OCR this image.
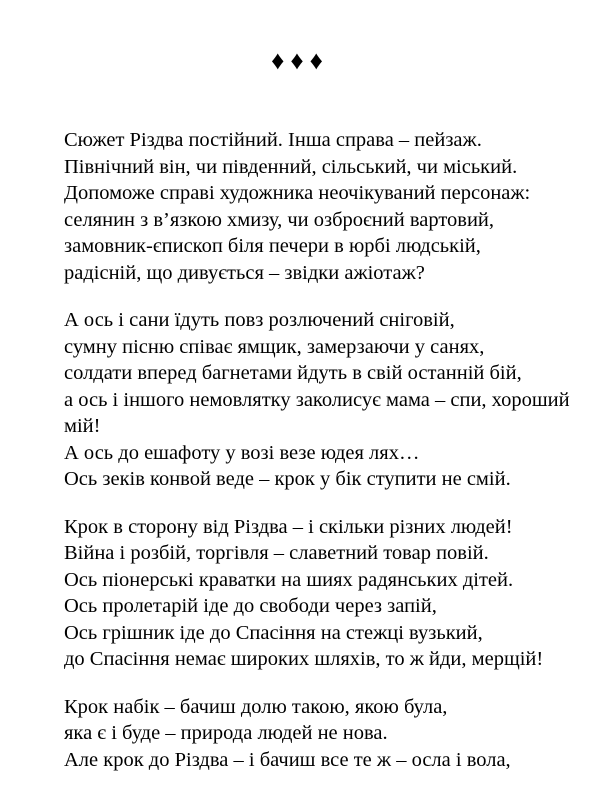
♦♦♦
Сюжет Різдва постійний. Інша справа – пейзаж.
Північний він, чи південний, сільський, чи міський.
Допоможе справі художника неочікуваний персонаж:
селянин з в’язкою хмизу, чи озброєний вартовий,
замовник-єпископ біля печери в юрбі людській,
радісній, що дивується – звідки ажіотаж?
А ось і сани їдуть повз розлючений сніговій,
сумну пісню співає ямщик, замерзаючи у санях,
солдати вперед багнетами йдуть в свій останній бій,
а ось і іншого немовлятку заколисує мама – спи, хороший
мій!
А ось до ешафоту у возі везе юдея лях…
Ось зеків конвой веде – крок у бік ступити не смій.
Крок в сторону від Різдва – і скільки різних людей!
Війна і розбій, торгівля – славетний товар повій.
Ось піонерські краватки на шиях радянських дітей.
Ось пролетарій іде до свободи через запій,
Ось грішник іде до Спасіння на стежці вузький,
до Спасіння немає широких шляхів, то ж йди, мерщій!
Крок набік – бачиш долю такою, якою була,
яка є і буде – природа людей не нова.
Але крок до Різдва – і бачиш все те ж – осла і вола,
